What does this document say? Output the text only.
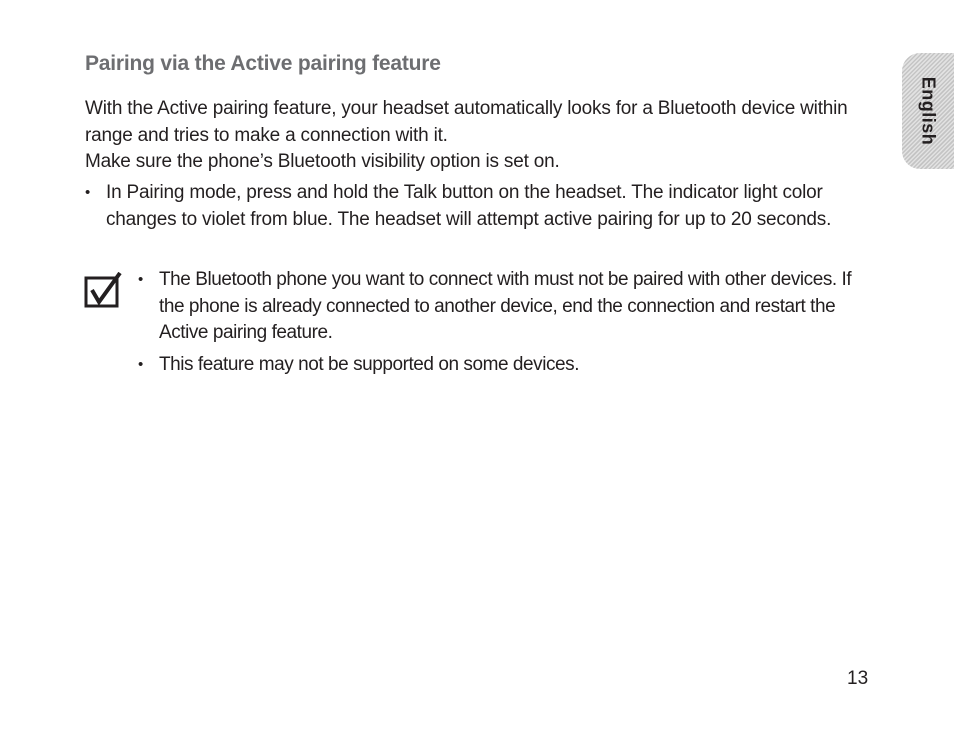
Pairing via the Active pairing feature

With the Active pairing feature, your headset automatically looks for a Bluetooth device within range and tries to make a connection with it.

Make sure the phone’s Bluetooth visibility option is set on.

• In Pairing mode, press and hold the Talk button on the headset. The indicator light color changes to violet from blue. The headset will attempt active pairing for up to 20 seconds.
• The Bluetooth phone you want to connect with must not be paired with other devices. If the phone is already connected to another device, end the connection and restart the Active pairing feature.
• This feature may not be supported on some devices.
English
13
